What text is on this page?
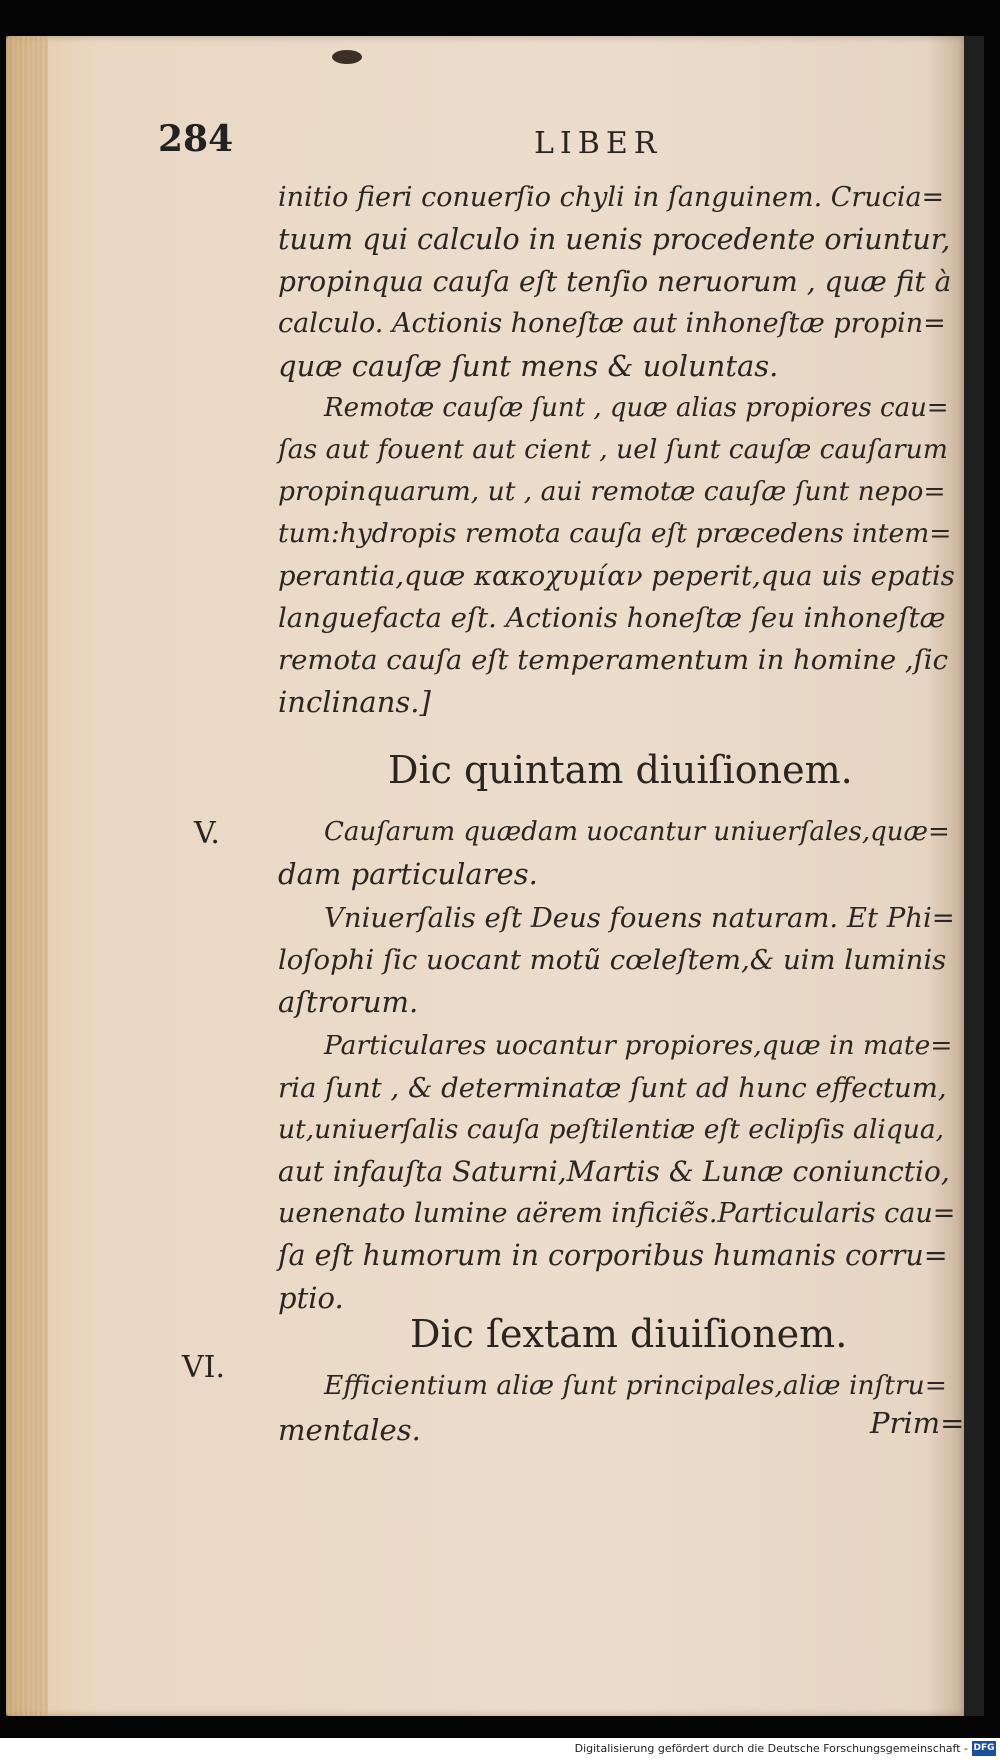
284	LIBER
initio fieri conuerſio chyli in ſanguinem. Crucia=
tuum qui calculo in uenis procedente oriuntur,
propinqua cauſa eſt tenſio neruorum , quæ fit à
calculo. Actionis honeſtæ aut inhoneſtæ propin=
quæ cauſæ ſunt mens & uoluntas.
Remotæ cauſæ ſunt , quæ alias propiores cau=
ſas aut fouent aut cient , uel ſunt cauſæ cauſarum
propinquarum, ut , aui remotæ cauſæ ſunt nepo=
tum:hydropis remota cauſa eſt præcedens intem=
perantia,quæ κακοχυμίαν peperit,qua uis epatis
languefacta eſt. Actionis honeſtæ ſeu inhoneſtæ
remota cauſa eſt temperamentum in homine ,ſic
inclinans.]
Dic quintam diuiſionem.
V.	Cauſarum quædam uocantur uniuerſales,quæ=
dam particulares.
Vniuerſalis eſt Deus fouens naturam. Et Phi=
loſophi ſic uocant motũ cœleſtem,& uim luminis
aſtrorum.
Particulares uocantur propiores,quæ in mate=
ria ſunt , & determinatæ ſunt ad hunc effectum,
ut,uniuerſalis cauſa peſtilentiæ eſt eclipſis aliqua,
aut infauſta Saturni,Martis & Lunæ coniunctio,
uenenato lumine aërem inficiẽs.Particularis cau=
ſa eſt humorum in corporibus humanis corru=
ptio.
Dic ſextam diuiſionem.
VI.
Efficientium aliæ ſunt principales,aliæ inſtru=
mentales.	Prim=
Digitalisierung gefördert durch die Deutsche Forschungsgemeinschaft - DFG
